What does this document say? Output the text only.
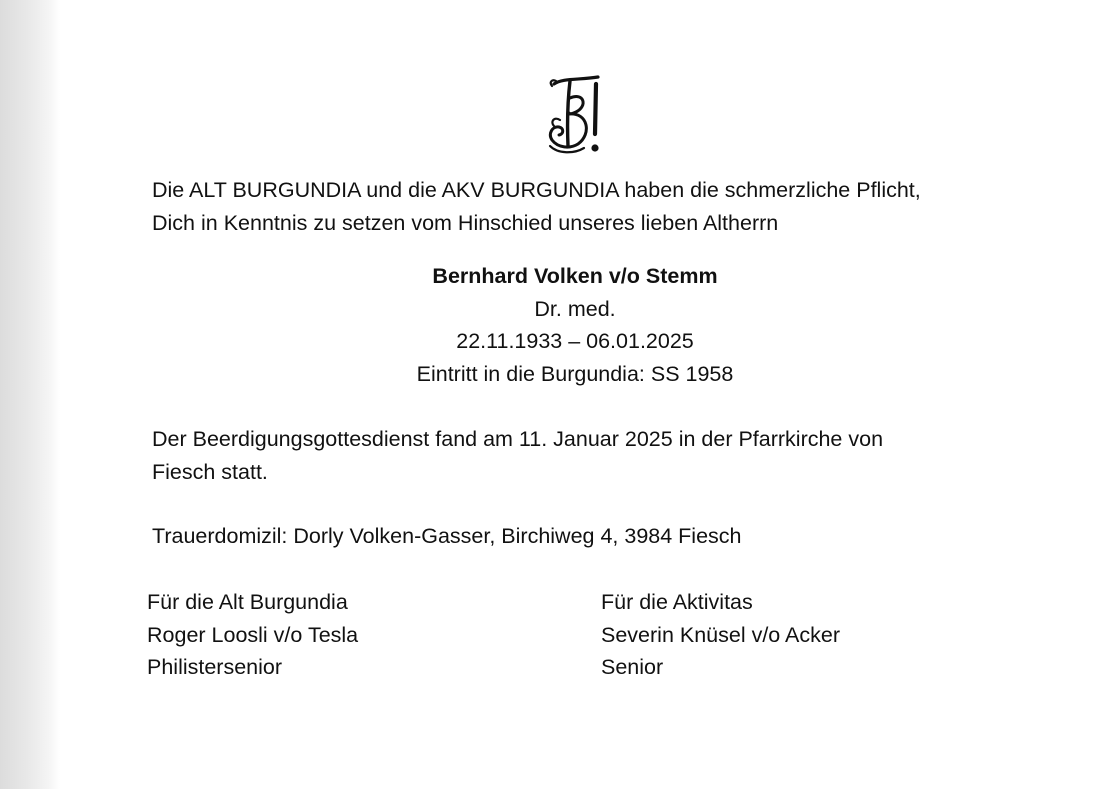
Die ALT BURGUNDIA und die AKV BURGUNDIA haben die schmerzliche Pflicht,
Dich in Kenntnis zu setzen vom Hinschied unseres lieben Altherrn
Bernhard Volken v/o Stemm
Dr. med.
22.11.1933 – 06.01.2025
Eintritt in die Burgundia: SS 1958
Der Beerdigungsgottesdienst fand am 11. Januar 2025 in der Pfarrkirche von
Fiesch statt.
Trauerdomizil: Dorly Volken-Gasser, Birchiweg 4, 3984 Fiesch
Für die Alt Burgundia
Roger Loosli v/o Tesla
Philistersenior
Für die Aktivitas
Severin Knüsel v/o Acker
Senior
